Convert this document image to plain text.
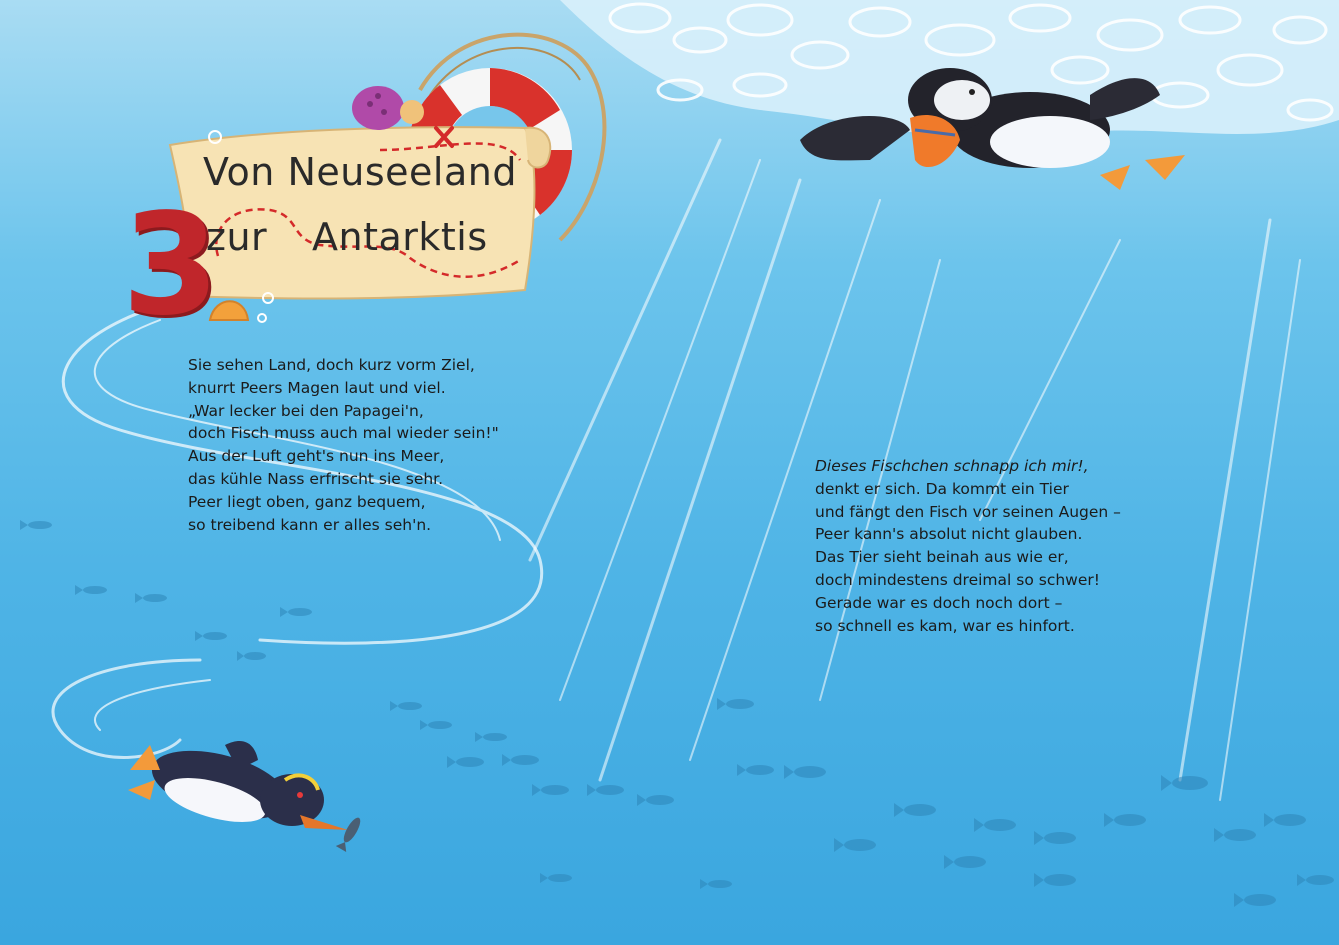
3
Von Neuseeland
zur Antarktis
Sie sehen Land, doch kurz vorm Ziel,
knurrt Peers Magen laut und viel.
„War lecker bei den Papagei'n,
doch Fisch muss auch mal wieder sein!"
Aus der Luft geht's nun ins Meer,
das kühle Nass erfrischt sie sehr.
Peer liegt oben, ganz bequem,
so treibend kann er alles seh'n.
Dieses Fischchen schnapp ich mir!,
denkt er sich. Da kommt ein Tier
und fängt den Fisch vor seinen Augen –
Peer kann's absolut nicht glauben.
Das Tier sieht beinah aus wie er,
doch mindestens dreimal so schwer!
Gerade war es doch noch dort –
so schnell es kam, war es hinfort.
